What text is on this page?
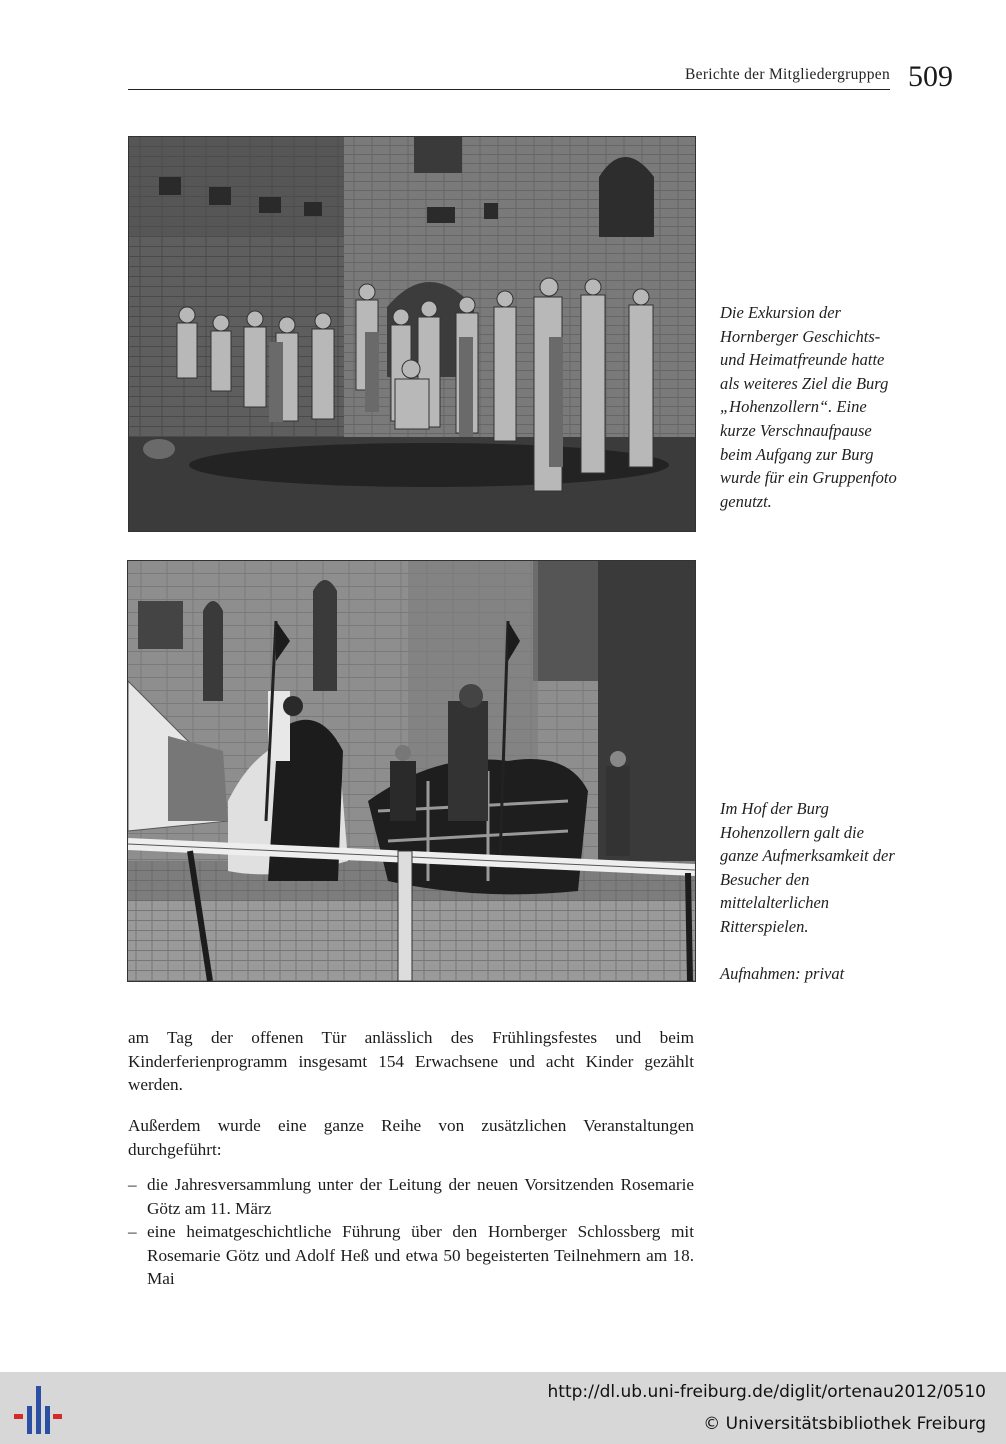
Berichte der Mitgliedergruppen 509
Die Exkursion der Hornberger Geschichts- und Heimatfreunde hatte als weiteres Ziel die Burg „Hohenzollern“. Eine kurze Verschnaufpause beim Aufgang zur Burg wurde für ein Gruppenfoto genutzt.
Im Hof der Burg Hohenzollern galt die ganze Aufmerksamkeit der Besucher den mittelalterlichen Ritterspielen.
Aufnahmen: privat

am Tag der offenen Tür anlässlich des Frühlingsfestes und beim Kinderferienprogramm insgesamt 154 Erwachsene und acht Kinder gezählt werden.

Außerdem wurde eine ganze Reihe von zusätzlichen Veranstaltungen durchgeführt:

– die Jahresversammlung unter der Leitung der neuen Vorsitzenden Rosemarie Götz am 11. März
– eine heimatgeschichtliche Führung über den Hornberger Schlossberg mit Rosemarie Götz und Adolf Heß und etwa 50 begeisterten Teilnehmern am 18. Mai
http://dl.ub.uni-freiburg.de/diglit/ortenau2012/0510
© Universitätsbibliothek Freiburg
